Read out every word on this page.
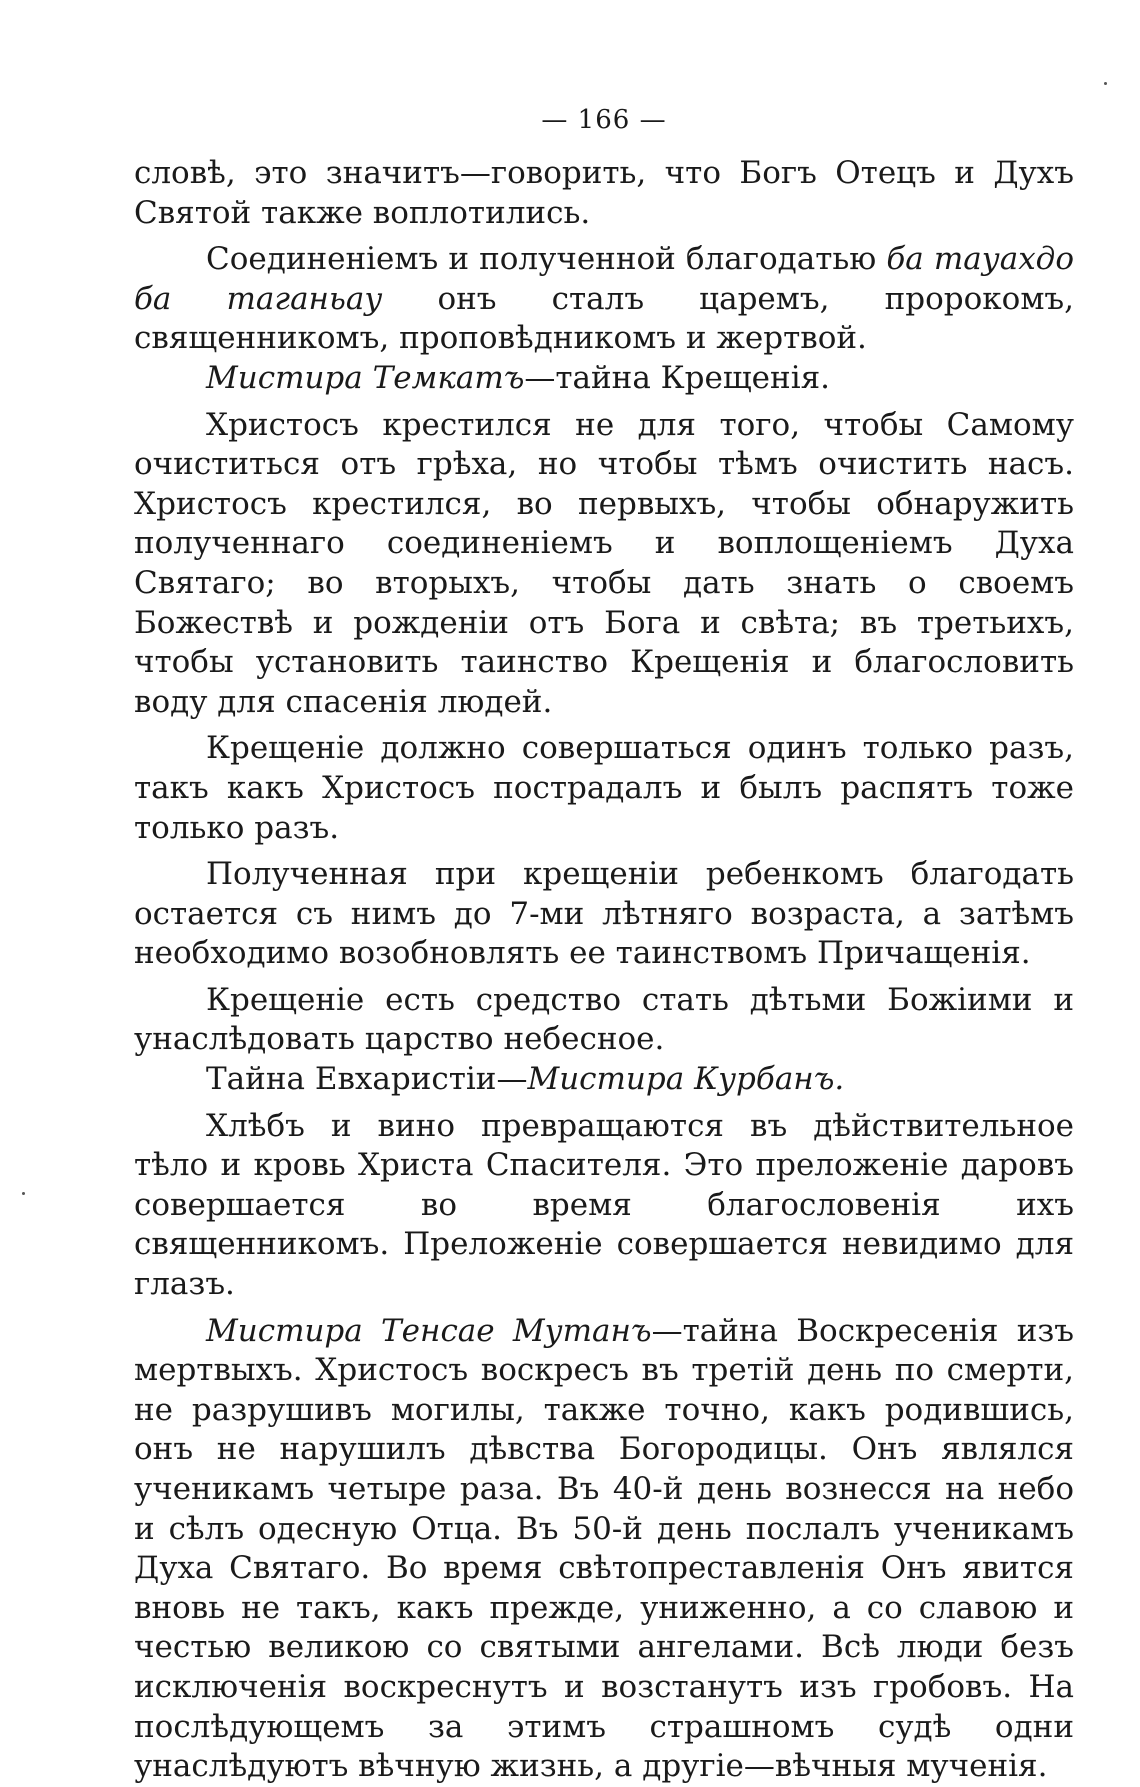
— 166 —

словѣ, это значитъ—говорить, что Богъ Отецъ и Духъ Святой также воплотились.

Соединеніемъ и полученной благодатью ба тауахдо ба таганьау онъ сталъ царемъ, пророкомъ, священникомъ, проповѣдникомъ и жертвой.

Мистира Темкатъ—тайна Крещенія.

Христосъ крестился не для того, чтобы Самому очиститься отъ грѣха, но чтобы тѣмъ очистить насъ. Христосъ крестился, во первыхъ, чтобы обнаружить полученнаго соединеніемъ и воплощеніемъ Духа Святаго; во вторыхъ, чтобы дать знать о своемъ Божествѣ и рожденіи отъ Бога и свѣта; въ третьихъ, чтобы установить таинство Крещенія и благословить воду для спасенія людей.

Крещеніе должно совершаться одинъ только разъ, такъ какъ Христосъ пострадалъ и былъ распятъ тоже только разъ.

Полученная при крещеніи ребенкомъ благодать остается съ нимъ до 7-ми лѣтняго возраста, а затѣмъ необходимо возобновлять ее таинствомъ Причащенія.

Крещеніе есть средство стать дѣтьми Божіими и унаслѣдовать царство небесное.

Тайна Евхаристіи—Мистира Курбанъ.

Хлѣбъ и вино превращаются въ дѣйствительное тѣло и кровь Христа Спасителя. Это преложеніе даровъ совершается во время благословенія ихъ священникомъ. Преложеніе совершается невидимо для глазъ.

Мистира Тенсае Мутанъ—тайна Воскресенія изъ мертвыхъ. Христосъ воскресъ въ третій день по смерти, не разрушивъ могилы, также точно, какъ родившись, онъ не нарушилъ дѣвства Богородицы. Онъ являлся ученикамъ четыре раза. Въ 40-й день вознесся на небо и сѣлъ одесную Отца. Въ 50-й день послалъ ученикамъ Духа Святаго. Во время свѣтопреставленія Онъ явится вновь не такъ, какъ прежде, униженно, а со славою и честью великою со святыми ангелами. Всѣ люди безъ исключенія воскреснутъ и возстанутъ изъ гробовъ. На послѣдующемъ за этимъ страшномъ судѣ одни унаслѣдуютъ вѣчную жизнь, а другіе—вѣчныя мученія.
